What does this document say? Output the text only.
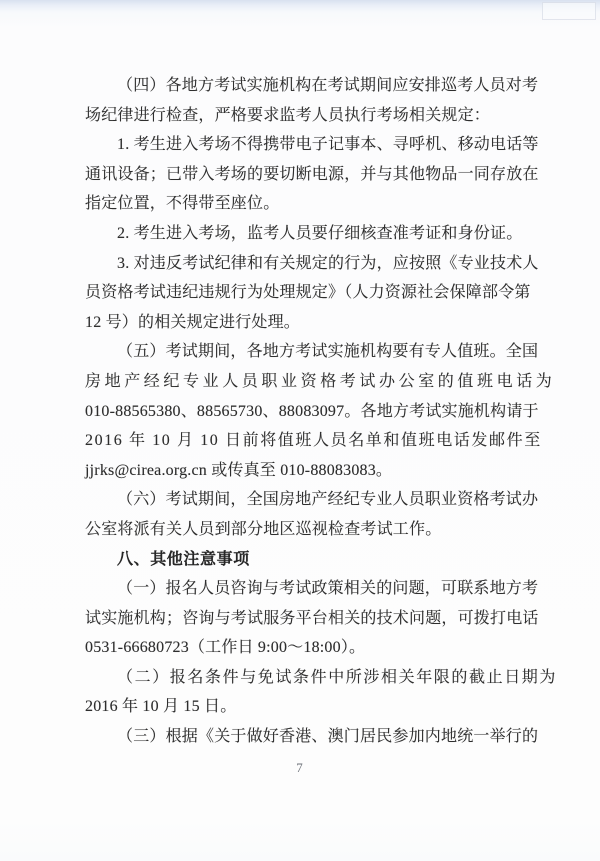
（四）各地方考试实施机构在考试期间应安排巡考人员对考
场纪律进行检查，严格要求监考人员执行考场相关规定：
1. 考生进入考场不得携带电子记事本、寻呼机、移动电话等
通讯设备；已带入考场的要切断电源，并与其他物品一同存放在
指定位置，不得带至座位。
2. 考生进入考场，监考人员要仔细核查准考证和身份证。
3. 对违反考试纪律和有关规定的行为，应按照《专业技术人
员资格考试违纪违规行为处理规定》（人力资源社会保障部令第
12 号）的相关规定进行处理。
（五）考试期间，各地方考试实施机构要有专人值班。全国
房地产经纪专业人员职业资格考试办公室的值班电话为
010-88565380、88565730、88083097。各地方考试实施机构请于
2016 年 10 月 10 日前将值班人员名单和值班电话发邮件至
jjrks@cirea.org.cn 或传真至 010-88083083。
（六）考试期间，全国房地产经纪专业人员职业资格考试办
公室将派有关人员到部分地区巡视检查考试工作。
八、其他注意事项
（一）报名人员咨询与考试政策相关的问题，可联系地方考
试实施机构；咨询与考试服务平台相关的技术问题，可拨打电话
0531-66680723（工作日 9:00～18:00）。
（二）报名条件与免试条件中所涉相关年限的截止日期为
2016 年 10 月 15 日。
（三）根据《关于做好香港、澳门居民参加内地统一举行的
7
